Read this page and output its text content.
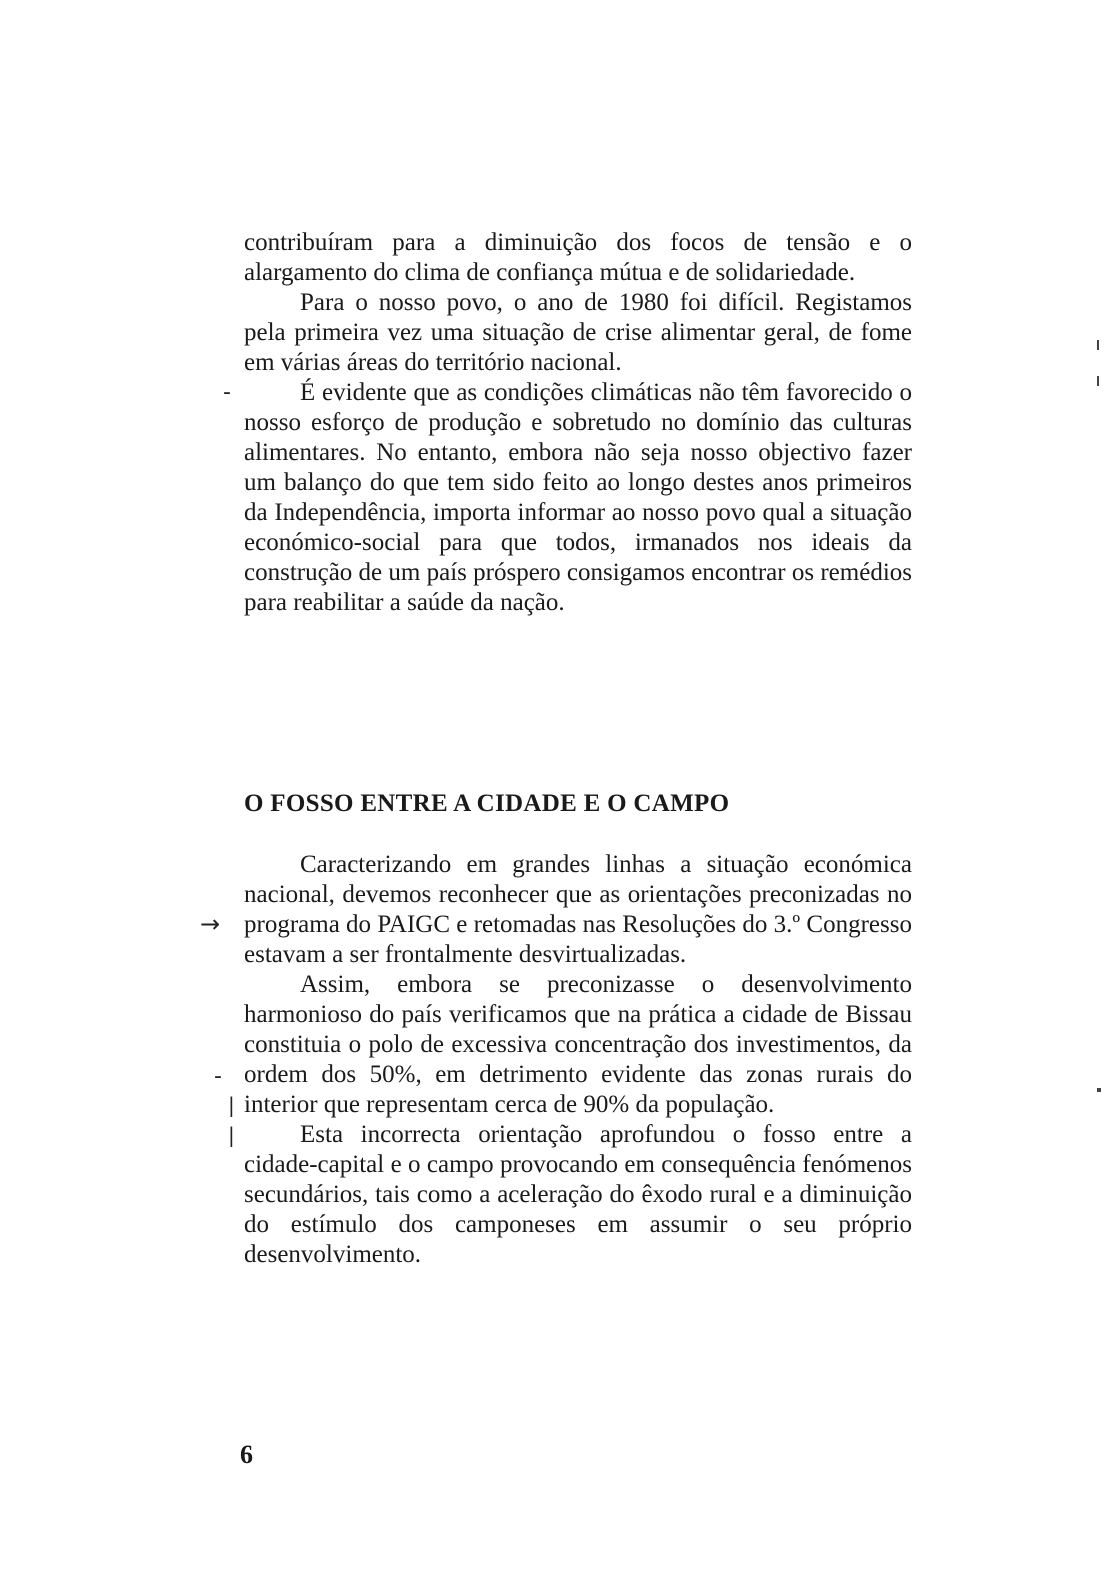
contribuíram para a diminuição dos focos de tensão e o alargamento do clima de confiança mútua e de solidariedade.

Para o nosso povo, o ano de 1980 foi difícil. Registamos pela primeira vez uma situação de crise alimentar geral, de fome em várias áreas do território nacional.

É evidente que as condições climáticas não têm favorecido o nosso esforço de produção e sobretudo no domínio das culturas alimentares. No entanto, embora não seja nosso objectivo fazer um balanço do que tem sido feito ao longo destes anos primeiros da Independência, importa informar ao nosso povo qual a situação económico-social para que todos, irmanados nos ideais da construção de um país próspero consigamos encontrar os remédios para reabilitar a saúde da nação.

O FOSSO ENTRE A CIDADE E O CAMPO

Caracterizando em grandes linhas a situação económica nacional, devemos reconhecer que as orientações preconizadas no programa do PAIGC e retomadas nas Resoluções do 3.º Congresso estavam a ser frontalmente desvirtualizadas.

Assim, embora se preconizasse o desenvolvimento harmonioso do país verificamos que na prática a cidade de Bissau constituia o polo de excessiva concentração dos investimentos, da ordem dos 50%, em detrimento evidente das zonas rurais do interior que representam cerca de 90% da população.

Esta incorrecta orientação aprofundou o fosso entre a cidade-capital e o campo provocando em consequência fenómenos secundários, tais como a aceleração do êxodo rural e a diminuição do estímulo dos camponeses em assumir o seu próprio desenvolvimento.

6
-
→
-
|
|
